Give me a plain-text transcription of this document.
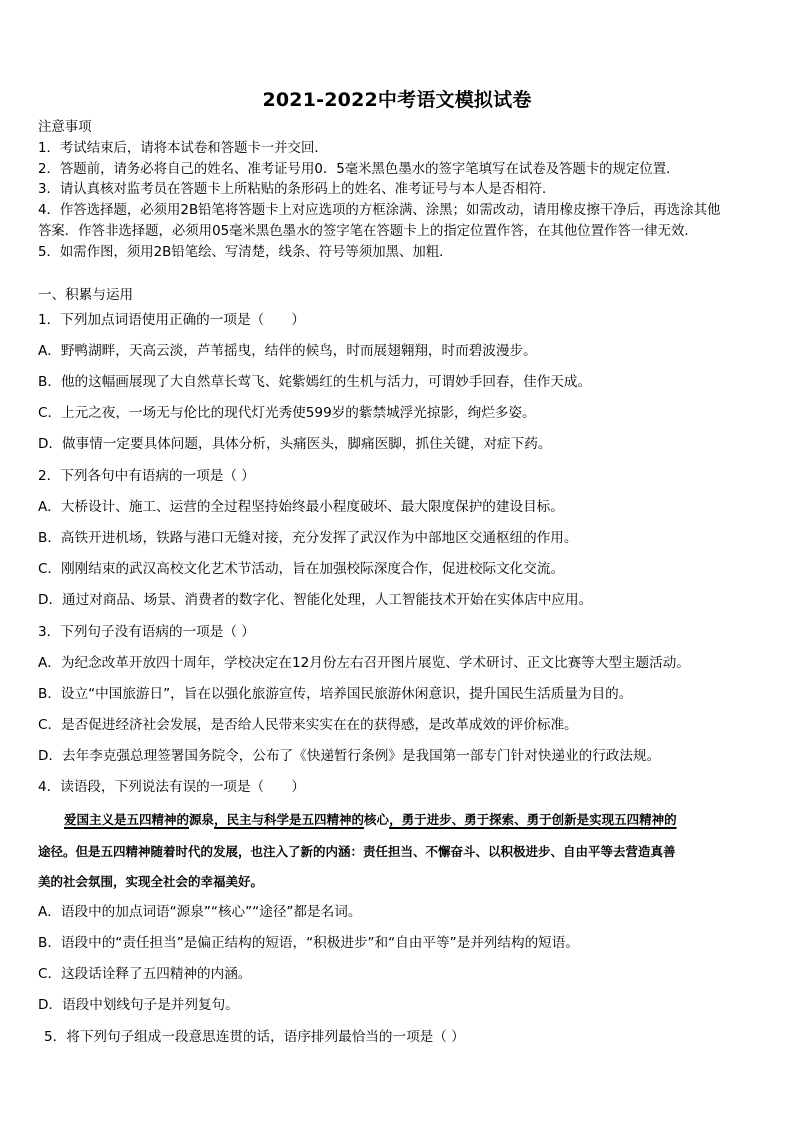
2021-2022中考语文模拟试卷
注意事项
1．考试结束后，请将本试卷和答题卡一并交回．
2．答题前，请务必将自己的姓名、准考证号用0．5毫米黑色墨水的签字笔填写在试卷及答题卡的规定位置．
3．请认真核对监考员在答题卡上所粘贴的条形码上的姓名、准考证号与本人是否相符．
4．作答选择题，必须用2B铅笔将答题卡上对应选项的方框涂满、涂黑；如需改动，请用橡皮擦干净后，再选涂其他
答案．作答非选择题，必须用05毫米黑色墨水的签字笔在答题卡上的指定位置作答，在其他位置作答一律无效．
5．如需作图，须用2B铅笔绘、写清楚，线条、符号等须加黑、加粗．
一、积累与运用
1．下列加点词语使用正确的一项是（　　）
A．野鸭湖畔，天高云淡，芦苇摇曳，结伴的候鸟，时而展翅翱翔，时而碧波漫步。
B．他的这幅画展现了大自然草长莺飞、姹紫嫣红的生机与活力，可谓妙手回春，佳作天成。
C．上元之夜，一场无与伦比的现代灯光秀使599岁的紫禁城浮光掠影，绚烂多姿。
D．做事情一定要具体问题，具体分析，头痛医头，脚痛医脚，抓住关键，对症下药。
2．下列各句中有语病的一项是（ ）
A．大桥设计、施工、运营的全过程坚持始终最小程度破坏、最大限度保护的建设目标。
B．高铁开进机场，铁路与港口无缝对接，充分发挥了武汉作为中部地区交通枢纽的作用。
C．刚刚结束的武汉高校文化艺术节活动，旨在加强校际深度合作，促进校际文化交流。
D．通过对商品、场景、消费者的数字化、智能化处理，人工智能技术开始在实体店中应用。
3．下列句子没有语病的一项是（ ）
A．为纪念改革开放四十周年，学校决定在12月份左右召开图片展览、学术研讨、正文比赛等大型主题活动。
B．设立“中国旅游日”，旨在以强化旅游宣传，培养国民旅游休闲意识，提升国民生活质量为目的。
C．是否促进经济社会发展，是否给人民带来实实在在的获得感，是改革成效的评价标准。
D．去年李克强总理签署国务院令，公布了《快递暂行条例》是我国第一部专门针对快递业的行政法规。
4．读语段，下列说法有误的一项是（　　）
爱国主义是五四精神的源泉，民主与科学是五四精神的核心，勇于进步、勇于探索、勇于创新是实现五四精神的
途径。但是五四精神随着时代的发展，也注入了新的内涵：责任担当、不懈奋斗、以积极进步、自由平等去营造真善
美的社会氛围，实现全社会的幸福美好。
A．语段中的加点词语“源泉”“核心”“途径”都是名词。
B．语段中的“责任担当”是偏正结构的短语，“积极进步”和“自由平等”是并列结构的短语。
C．这段话诠释了五四精神的内涵。
D．语段中划线句子是并列复句。
5．将下列句子组成一段意思连贯的话，语序排列最恰当的一项是（ ）
